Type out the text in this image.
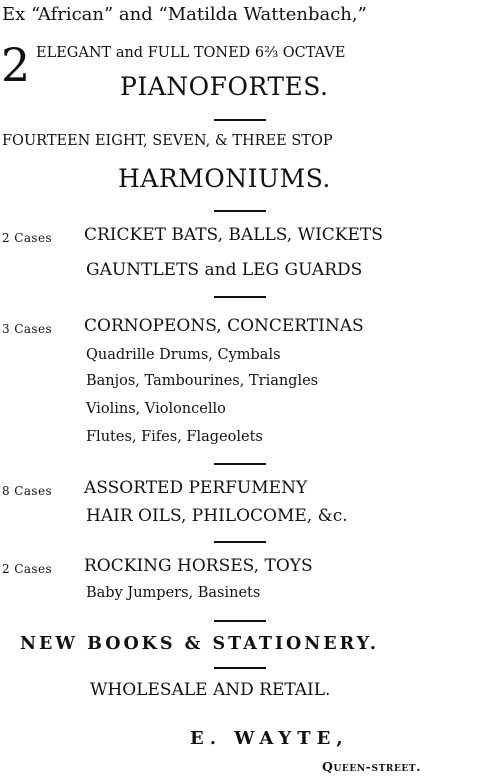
Ex “African” and “Matilda Wattenbach,”
2 ELEGANT and FULL TONED 6⅔ OCTAVE
PIANOFORTES.
FOURTEEN EIGHT, SEVEN, & THREE STOP
HARMONIUMS.
2 Cases CRICKET BATS, BALLS, WICKETS
GAUNTLETS and LEG GUARDS
3 Cases CORNOPEONS, CONCERTINAS
Quadrille Drums, Cymbals
Banjos, Tambourines, Triangles
Violins, Violoncello
Flutes, Fifes, Flageolets
8 Cases ASSORTED PERFUMENY
HAIR OILS, PHILOCOME, &c.
2 Cases ROCKING HORSES, TOYS
Baby Jumpers, Basinets
NEW BOOKS & STATIONERY.
WHOLESALE AND RETAIL.
E. WAYTE,
Queen-street.
